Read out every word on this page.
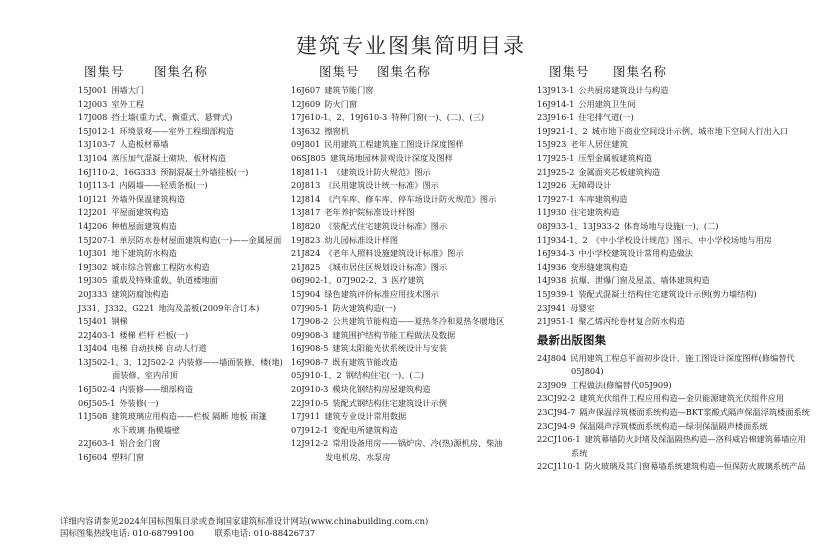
建筑专业图集简明目录
图集号	图集名称
15J001 围墙大门
12J003 室外工程
17J008 挡土墙(重力式、衡重式、悬臂式)
15J012-1 环境景观——室外工程细部构造
13J103-7 人造板材幕墙
13J104 蒸压加气混凝土砌块、板材构造
16J110-2、16G333 预制混凝土外墙挂板(一)
10J113-1 内隔墙——轻质条板(一)
10J121 外墙外保温建筑构造
12J201 平屋面建筑构造
14J206 种植屋面建筑构造
15J207-1 单层防水卷材屋面建筑构造(一)——金属屋面
10J301 地下建筑防水构造
19J302 城市综合管廊工程防水构造
19J305 重载及特殊重载、轨道楼地面
20J333 建筑防腐蚀构造
J331、J332、G221 地沟及盖板(2009年合订本)
15J401 钢梯
22J403-1 楼梯 栏杆 栏板(一)
13J404 电梯 自动扶梯 自动人行道
13J502-1、3、12J502-2 内装修——墙面装修、楼(地)
面装修、室内吊顶
16J502-4 内装修——细部构造
06J505-1 外装修(一)
11J508 建筑玻璃应用构造——栏板 隔断 地板 雨篷
水下玻璃 指模墙壁
22J603-1 铝合金门窗
16J604 塑料门窗
图集号	图集名称
16J607 建筑节能门窗
12J609 防火门窗
17J610-1、2、19J610-3 特种门窗(一)、(二)、(三)
13J632 擦窗机
09J801 民用建筑工程建筑施工图设计深度图样
06SJ805 建筑场地园林景观设计深度及图样
18J811-1 《建筑设计防火规范》图示
20J813 《民用建筑设计统一标准》图示
12J814 《汽车库、修车库、停车场设计防火规范》图示
13J817 老年养护院标准设计样图
18J820 《装配式住宅建筑设计标准》图示
19J823 幼儿园标准设计样图
21J824 《老年人照料设施建筑设计标准》图示
21J825 《城市居住区规划设计标准》图示
06J902-1、07J902-2、3 医疗建筑
15J904 绿色建筑评价标准应用技术图示
07J905-1 防火建筑构造(一)
17J908-2 公共建筑节能构造——夏热冬冷和夏热冬暖地区
09J908-3 建筑围护结构节能工程做法及数据
16J908-5 建筑太阳能光伏系统设计与安装
16J908-7 既有建筑节能改造
05J910-1、2 钢结构住宅(一)、(二)
20J910-3 模块化钢结构房屋建筑构造
22J910-5 装配式钢结构住宅建筑设计示例
17J911 建筑专业设计常用数据
07J912-1 变配电所建筑构造
12J912-2 常用设备用房——锅炉房、冷(热)源机房、柴油
发电机房、水泵房
图集号	图集名称
13J913-1 公共厨房建筑设计与构造
16J914-1 公用建筑卫生间
23J916-1 住宅排气道(一)
19J921-1、2 城市地下商业空间设计示例、城市地下空间人行出入口
15J923 老年人居住建筑
17J925-1 压型金属板建筑构造
21J925-2 金属面夹芯板建筑构造
12J926 无障碍设计
17J927-1 车库建筑构造
11J930 住宅建筑构造
08J933-1、13J933-2 体育场地与设施(一)、(二)
11J934-1、2 《中小学校设计规范》图示、中小学校场地与用房
16J934-3 中小学校建筑设计常用构造做法
14J936 变形缝建筑构造
14J938 抗爆、泄爆门窗及屋盖、墙体建筑构造
15J939-1 装配式混凝土结构住宅建筑设计示例(剪力墙结构)
23J941 母婴室
21J951-1 聚乙烯丙纶卷材复合防水构造
最新出版图集
24J804 民用建筑工程总平面初步设计、施工图设计深度图样(修编替代
05J804)
23J909 工程做法(修编替代05J909)
23CJ92-2 建筑光伏组件工程应用构造—金贝能源建筑光伏组件应用
23CJ94-7 隔声保温浮筑楼面系统构造—BKT浆酸式隔声保温浮筑楼面系统
23CJ94-9 保温隔声浮筑楼面系统构造—绿羽保温隔声楼面系统
22CJ106-1 建筑幕墙防火封堵及保温隔热构造—洛科威岩棉建筑幕墙应用
系统
22CJ110-1 防火玻璃及其门窗幕墙系统建筑构造—恒保防火玻璃系统产品
详细内容请参见2024年国标图集目录或查询国家建筑标准设计网站(www.chinabuilding.com.cn)
国标图集热线电话: 010-68799100 联系电话: 010-88426737
